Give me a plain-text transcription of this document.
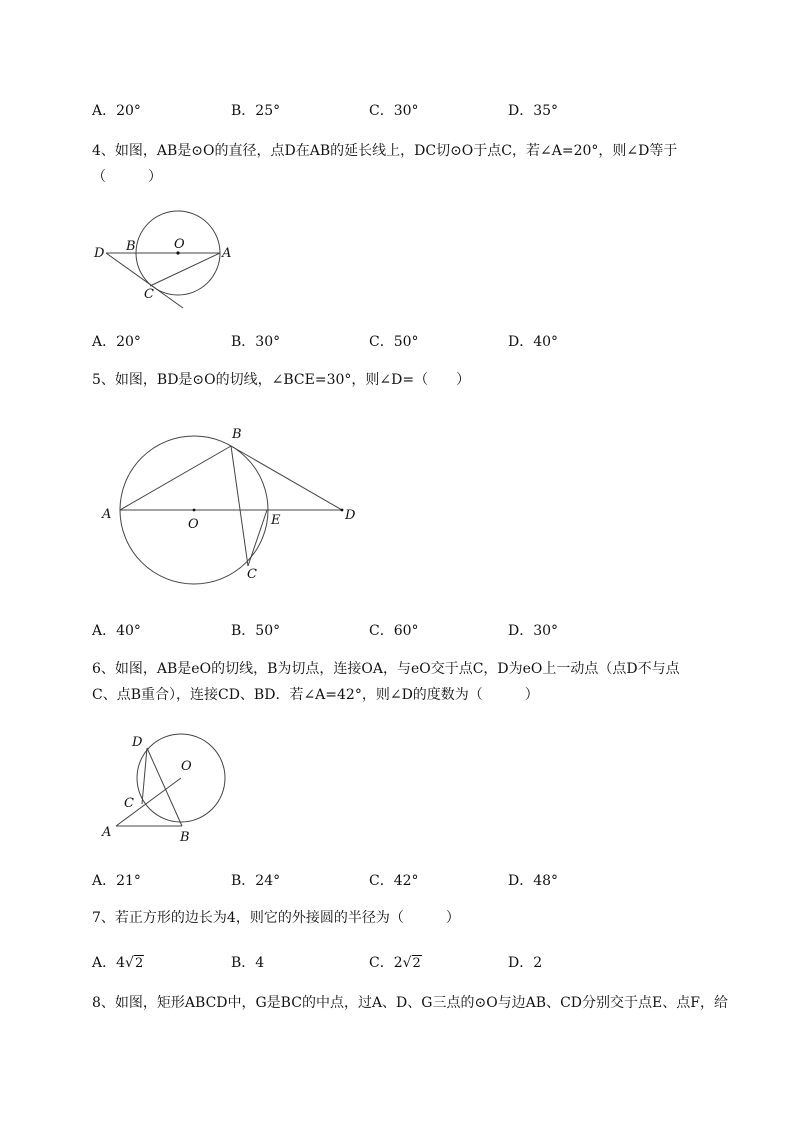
A．20°	B．25°	C．30°	D．35°
4、如图，AB是⊙O的直径，点D在AB的延长线上，DC切⊙O于点C，若∠A=20°，则∠D等于
（　　　）
D B	O
A
C
A．20°	B．30°	C．50°	D．40°
5、如图，BD是⊙O的切线，∠BCE=30°，则∠D=（　　）
B
A
O	E	D
C
A．40°	B．50°	C．60°	D．30°
6、如图，AB是eO的切线，B为切点，连接OA，与eO交于点C，D为eO上一动点（点D不与点
C、点B重合），连接CD、BD．若∠A=42°，则∠D的度数为（　　　）
D
O
C
A	B
A．21°	B．24°	C．42°	D．48°
7、若正方形的边长为4，则它的外接圆的半径为（　　　）
A．4√2	B．4	C．2√2	D．2
8、如图，矩形ABCD中，G是BC的中点，过A、D、G三点的⊙O与边AB、CD分别交于点E、点F，给
